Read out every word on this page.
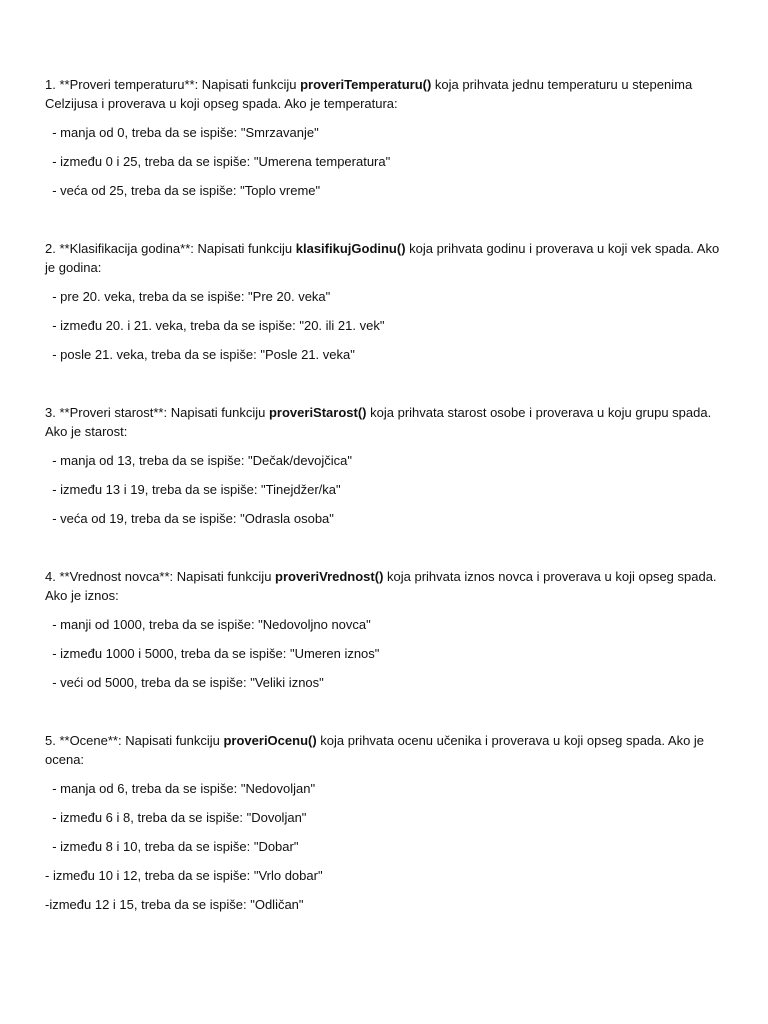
1. **Proveri temperaturu**: Napisati funkciju proveriTemperaturu() koja prihvata jednu temperaturu u stepenima Celzijusa i proverava u koji opseg spada. Ako je temperatura:

- manja od 0, treba da se ispiše: "Smrzavanje"

- između 0 i 25, treba da se ispiše: "Umerena temperatura"

- veća od 25, treba da se ispiše: "Toplo vreme"

2. **Klasifikacija godina**: Napisati funkciju klasifikujGodinu() koja prihvata godinu i proverava u koji vek spada. Ako je godina:

- pre 20. veka, treba da se ispiše: "Pre 20. veka"

- između 20. i 21. veka, treba da se ispiše: "20. ili 21. vek"

- posle 21. veka, treba da se ispiše: "Posle 21. veka"

3. **Proveri starost**: Napisati funkciju proveriStarost() koja prihvata starost osobe i proverava u koju grupu spada. Ako je starost:

- manja od 13, treba da se ispiše: "Dečak/devojčica"

- između 13 i 19, treba da se ispiše: "Tinejdžer/ka"

- veća od 19, treba da se ispiše: "Odrasla osoba"

4. **Vrednost novca**: Napisati funkciju proveriVrednost() koja prihvata iznos novca i proverava u koji opseg spada. Ako je iznos:

- manji od 1000, treba da se ispiše: "Nedovoljno novca"

- između 1000 i 5000, treba da se ispiše: "Umeren iznos"

- veći od 5000, treba da se ispiše: "Veliki iznos"

5. **Ocene**: Napisati funkciju proveriOcenu() koja prihvata ocenu učenika i proverava u koji opseg spada. Ako je ocena:

- manja od 6, treba da se ispiše: "Nedovoljan"

- između 6 i 8, treba da se ispiše: "Dovoljan"

- između 8 i 10, treba da se ispiše: "Dobar"

- između 10 i 12, treba da se ispiše: "Vrlo dobar"

-između 12 i 15, treba da se ispiše: "Odličan"
